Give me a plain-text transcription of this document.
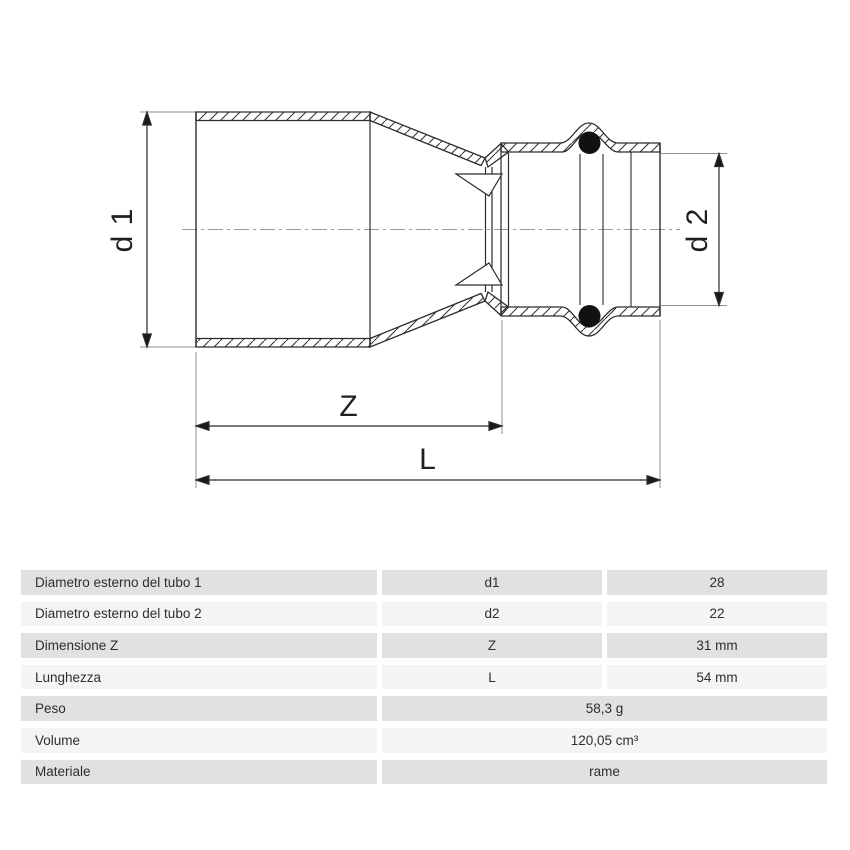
d 1	d 2
Z
L
Diametro esterno del tubo 1	d1	28
Diametro esterno del tubo 2	d2	22
Dimensione Z	Z	31 mm
Lunghezza	L	54 mm
Peso	58,3 g
Volume	120,05 cm³
Materiale	rame
